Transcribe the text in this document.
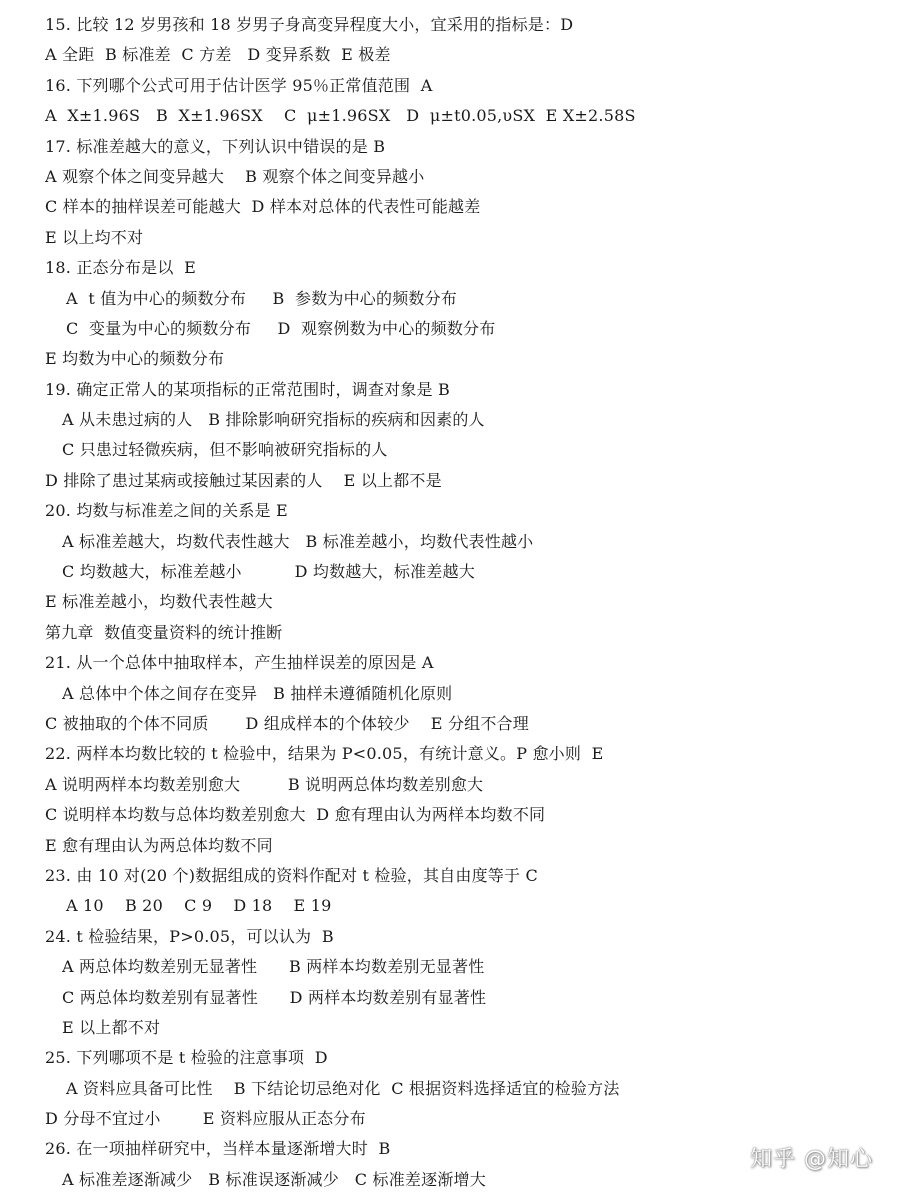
15. 比较 12 岁男孩和 18 岁男子身高变异程度大小，宜采用的指标是：D
A 全距  B 标准差  C 方差   D 变异系数  E 极差
16. 下列哪个公式可用于估计医学 95％正常值范围  A
A  X±1.96S   B  X±1.96SX    C  μ±1.96SX   D  μ±t0.05,υSX  E X±2.58S
17. 标准差越大的意义，下列认识中错误的是 B
A 观察个体之间变异越大    B 观察个体之间变异越小
C 样本的抽样误差可能越大  D 样本对总体的代表性可能越差
E 以上均不对
18. 正态分布是以  E
A  t 值为中心的频数分布     B  参数为中心的频数分布
C  变量为中心的频数分布     D  观察例数为中心的频数分布
E 均数为中心的频数分布
19. 确定正常人的某项指标的正常范围时，调查对象是 B
A 从未患过病的人   B 排除影响研究指标的疾病和因素的人
C 只患过轻微疾病，但不影响被研究指标的人
D 排除了患过某病或接触过某因素的人    E 以上都不是
20. 均数与标准差之间的关系是 E
A 标准差越大，均数代表性越大   B 标准差越小，均数代表性越小
C 均数越大，标准差越小          D 均数越大，标准差越大
E 标准差越小，均数代表性越大
第九章  数值变量资料的统计推断
21. 从一个总体中抽取样本，产生抽样误差的原因是 A
A 总体中个体之间存在变异   B 抽样未遵循随机化原则
C 被抽取的个体不同质       D 组成样本的个体较少    E 分组不合理
22. 两样本均数比较的 t 检验中，结果为 P<0.05，有统计意义。P 愈小则  E
A 说明两样本均数差别愈大         B 说明两总体均数差别愈大
C 说明样本均数与总体均数差别愈大  D 愈有理由认为两样本均数不同
E 愈有理由认为两总体均数不同
23. 由 10 对(20 个)数据组成的资料作配对 t 检验，其自由度等于 C
A 10    B 20    C 9    D 18    E 19
24. t 检验结果，P>0.05，可以认为  B
A 两总体均数差别无显著性      B 两样本均数差别无显著性
C 两总体均数差别有显著性      D 两样本均数差别有显著性
E 以上都不对
25. 下列哪项不是 t 检验的注意事项  D
A 资料应具备可比性    B 下结论切忌绝对化  C 根据资料选择适宜的检验方法
D 分母不宜过小        E 资料应服从正态分布
26. 在一项抽样研究中，当样本量逐渐增大时  B
A 标准差逐渐减少   B 标准误逐渐减少   C 标准差逐渐增大
知乎 @知心
